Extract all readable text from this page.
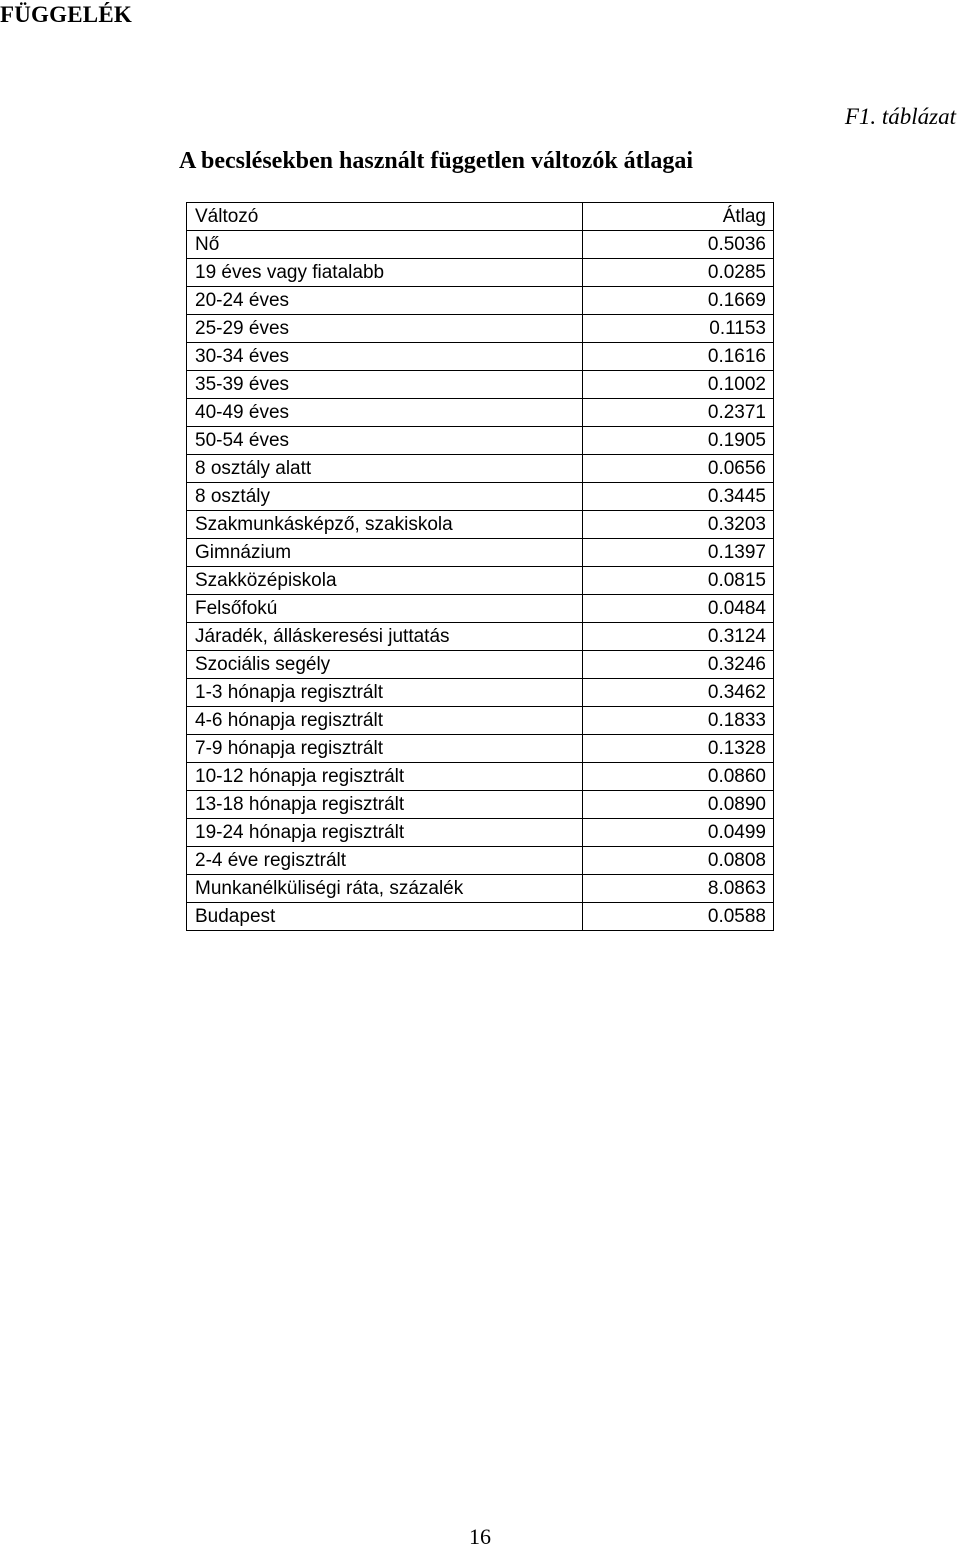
FÜGGELÉK

F1. táblázat

A becslésekben használt független változók átlagai
Változó	Átlag
Nő	0.5036
19 éves vagy fiatalabb	0.0285
20-24 éves	0.1669
25-29 éves	0.1153
30-34 éves	0.1616
35-39 éves	0.1002
40-49 éves	0.2371
50-54 éves	0.1905
8 osztály alatt	0.0656
8 osztály	0.3445
Szakmunkásképző, szakiskola	0.3203
Gimnázium	0.1397
Szakközépiskola	0.0815
Felsőfokú	0.0484
Járadék, álláskeresési juttatás	0.3124
Szociális segély	0.3246
1-3 hónapja regisztrált	0.3462
4-6 hónapja regisztrált	0.1833
7-9 hónapja regisztrált	0.1328
10-12 hónapja regisztrált	0.0860
13-18 hónapja regisztrált	0.0890
19-24 hónapja regisztrált	0.0499
2-4 éve regisztrált	0.0808
Munkanélküliségi ráta, százalék	8.0863
Budapest	0.0588

16
